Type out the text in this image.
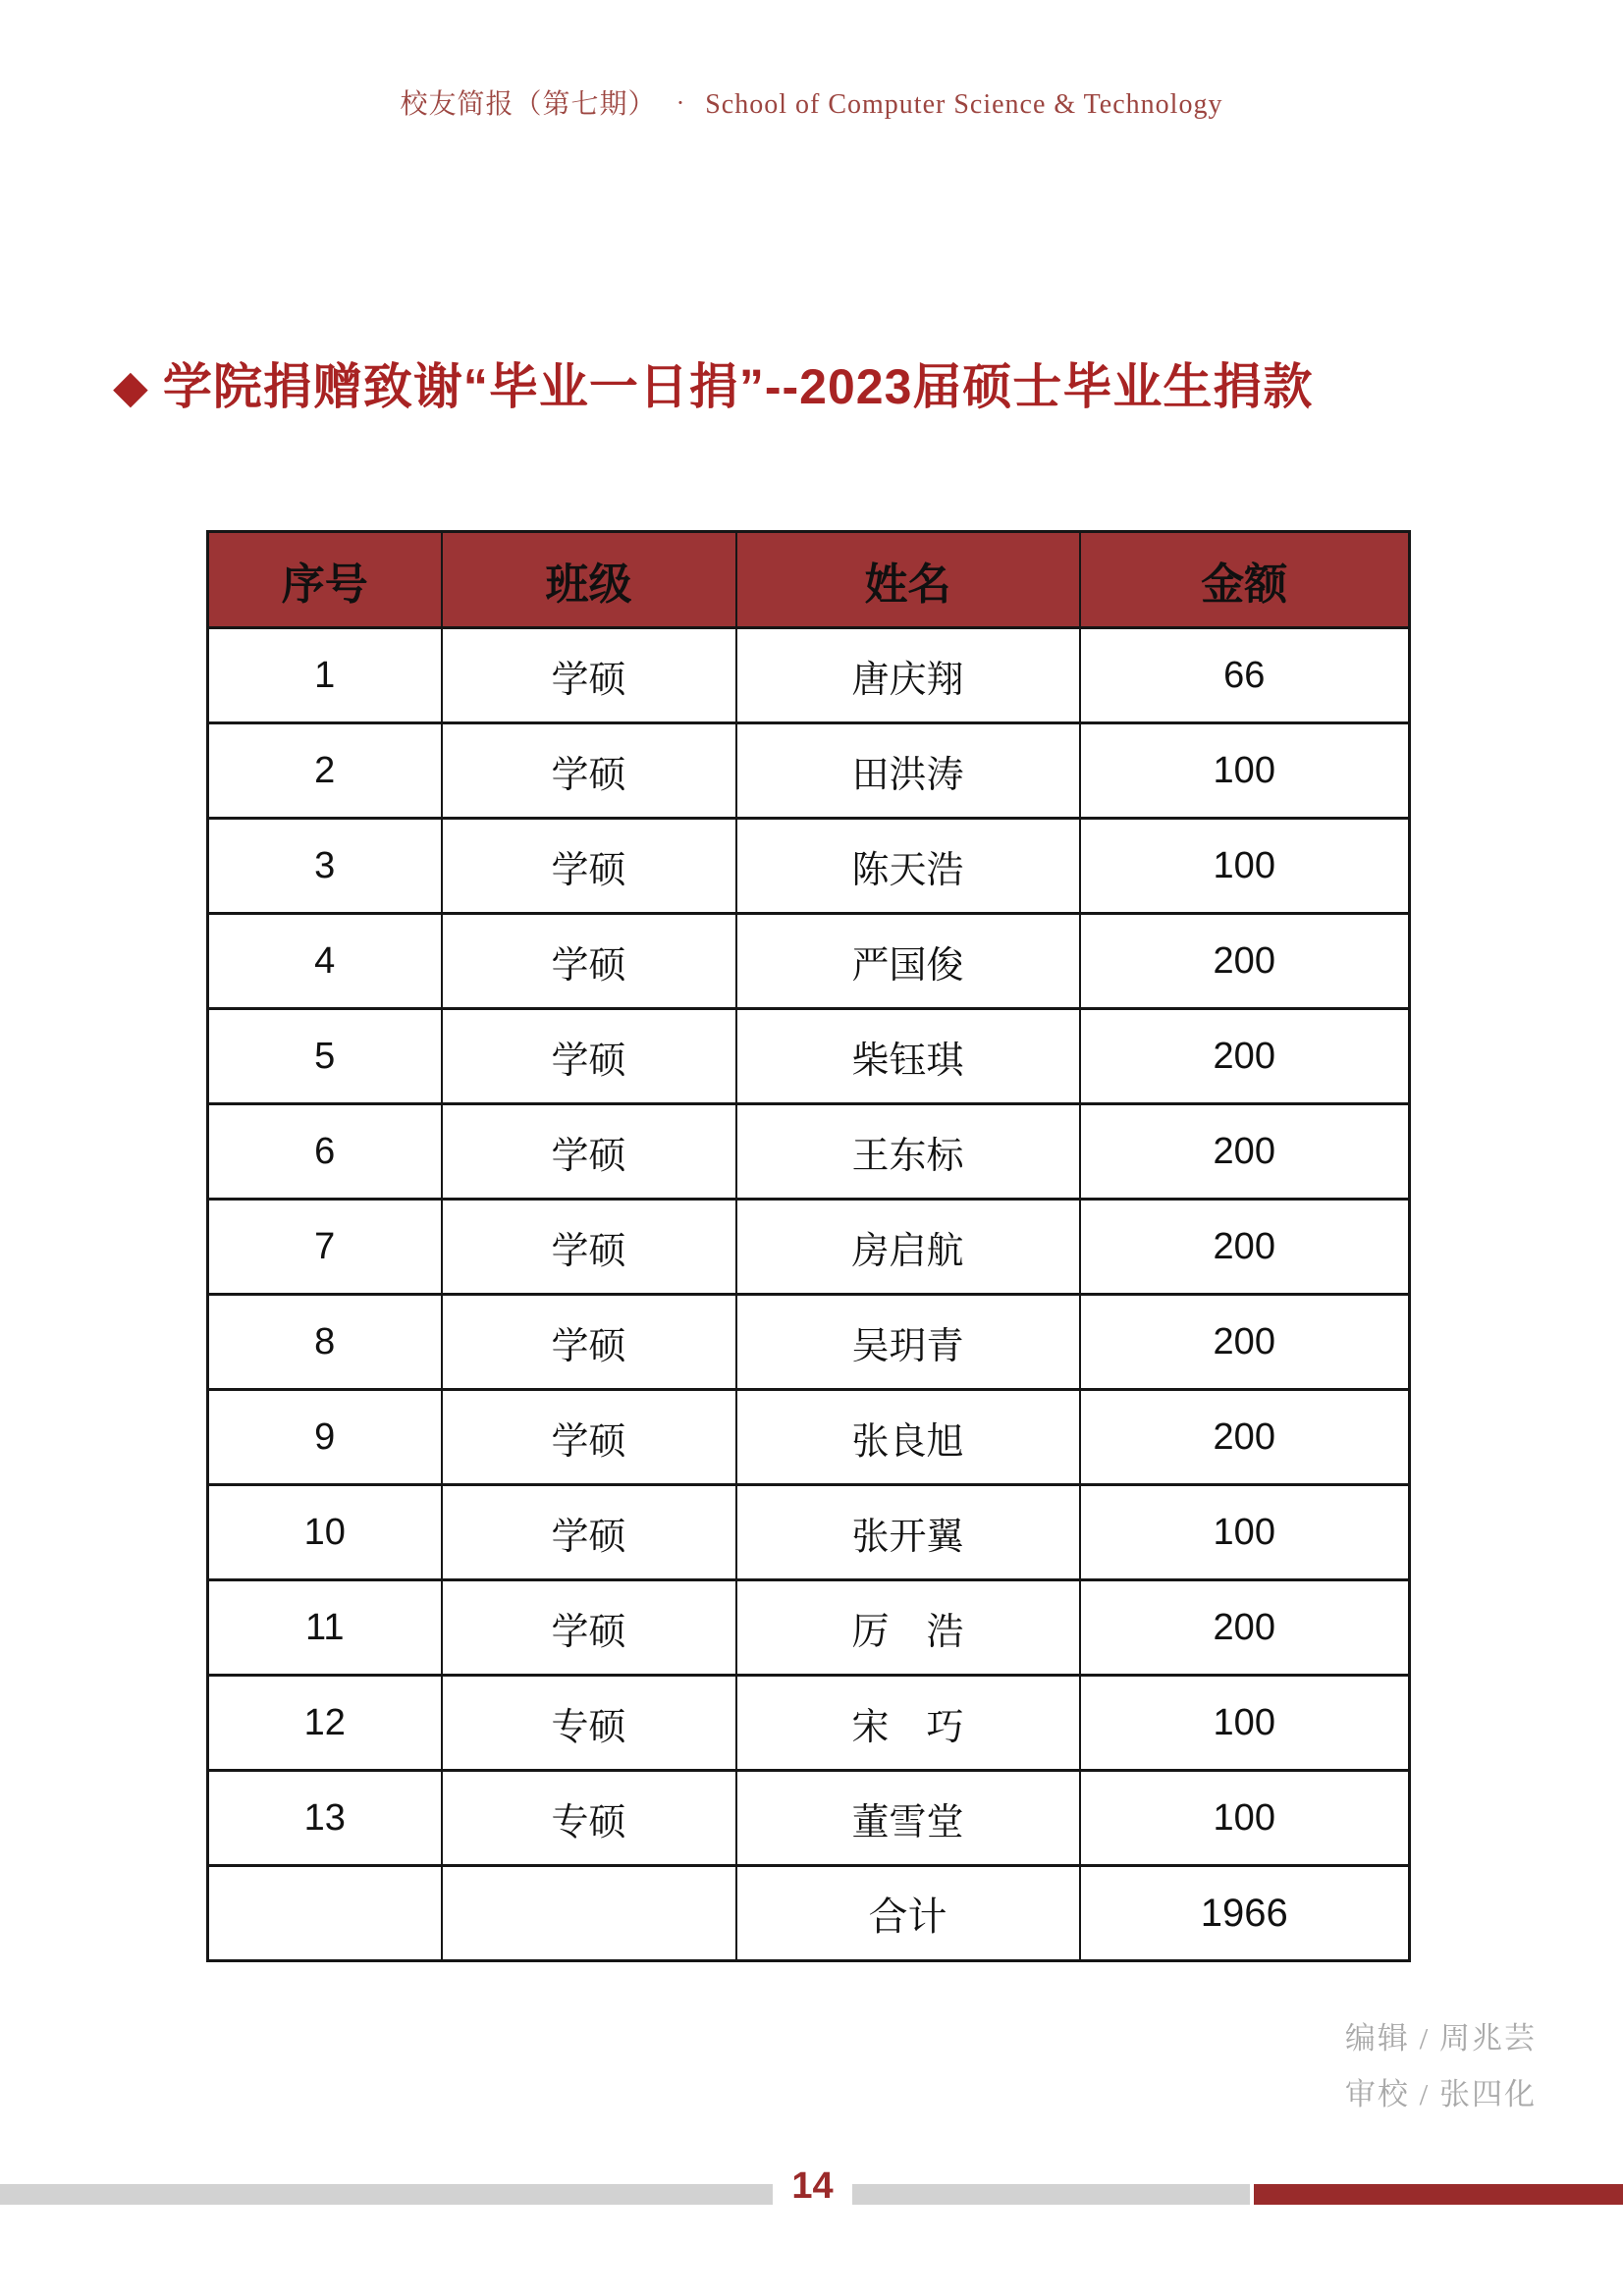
校友简报（第七期） · School of Computer Science & Technology
◆ 学院捐赠致谢“毕业一日捐”--2023届硕士毕业生捐款
序号	班级	姓名	金额
1	学硕	唐庆翔	66
2	学硕	田洪涛	100
3	学硕	陈天浩	100
4	学硕	严国俊	200
5	学硕	柴钰琪	200
6	学硕	王东标	200
7	学硕	房启航	200
8	学硕	吴玥青	200
9	学硕	张良旭	200
10	学硕	张开翼	100
11	学硕	厉　浩	200
12	专硕	宋　巧	100
13	专硕	董雪堂	100
		合计	1966
编辑 / 周兆芸
审校 / 张四化
14
